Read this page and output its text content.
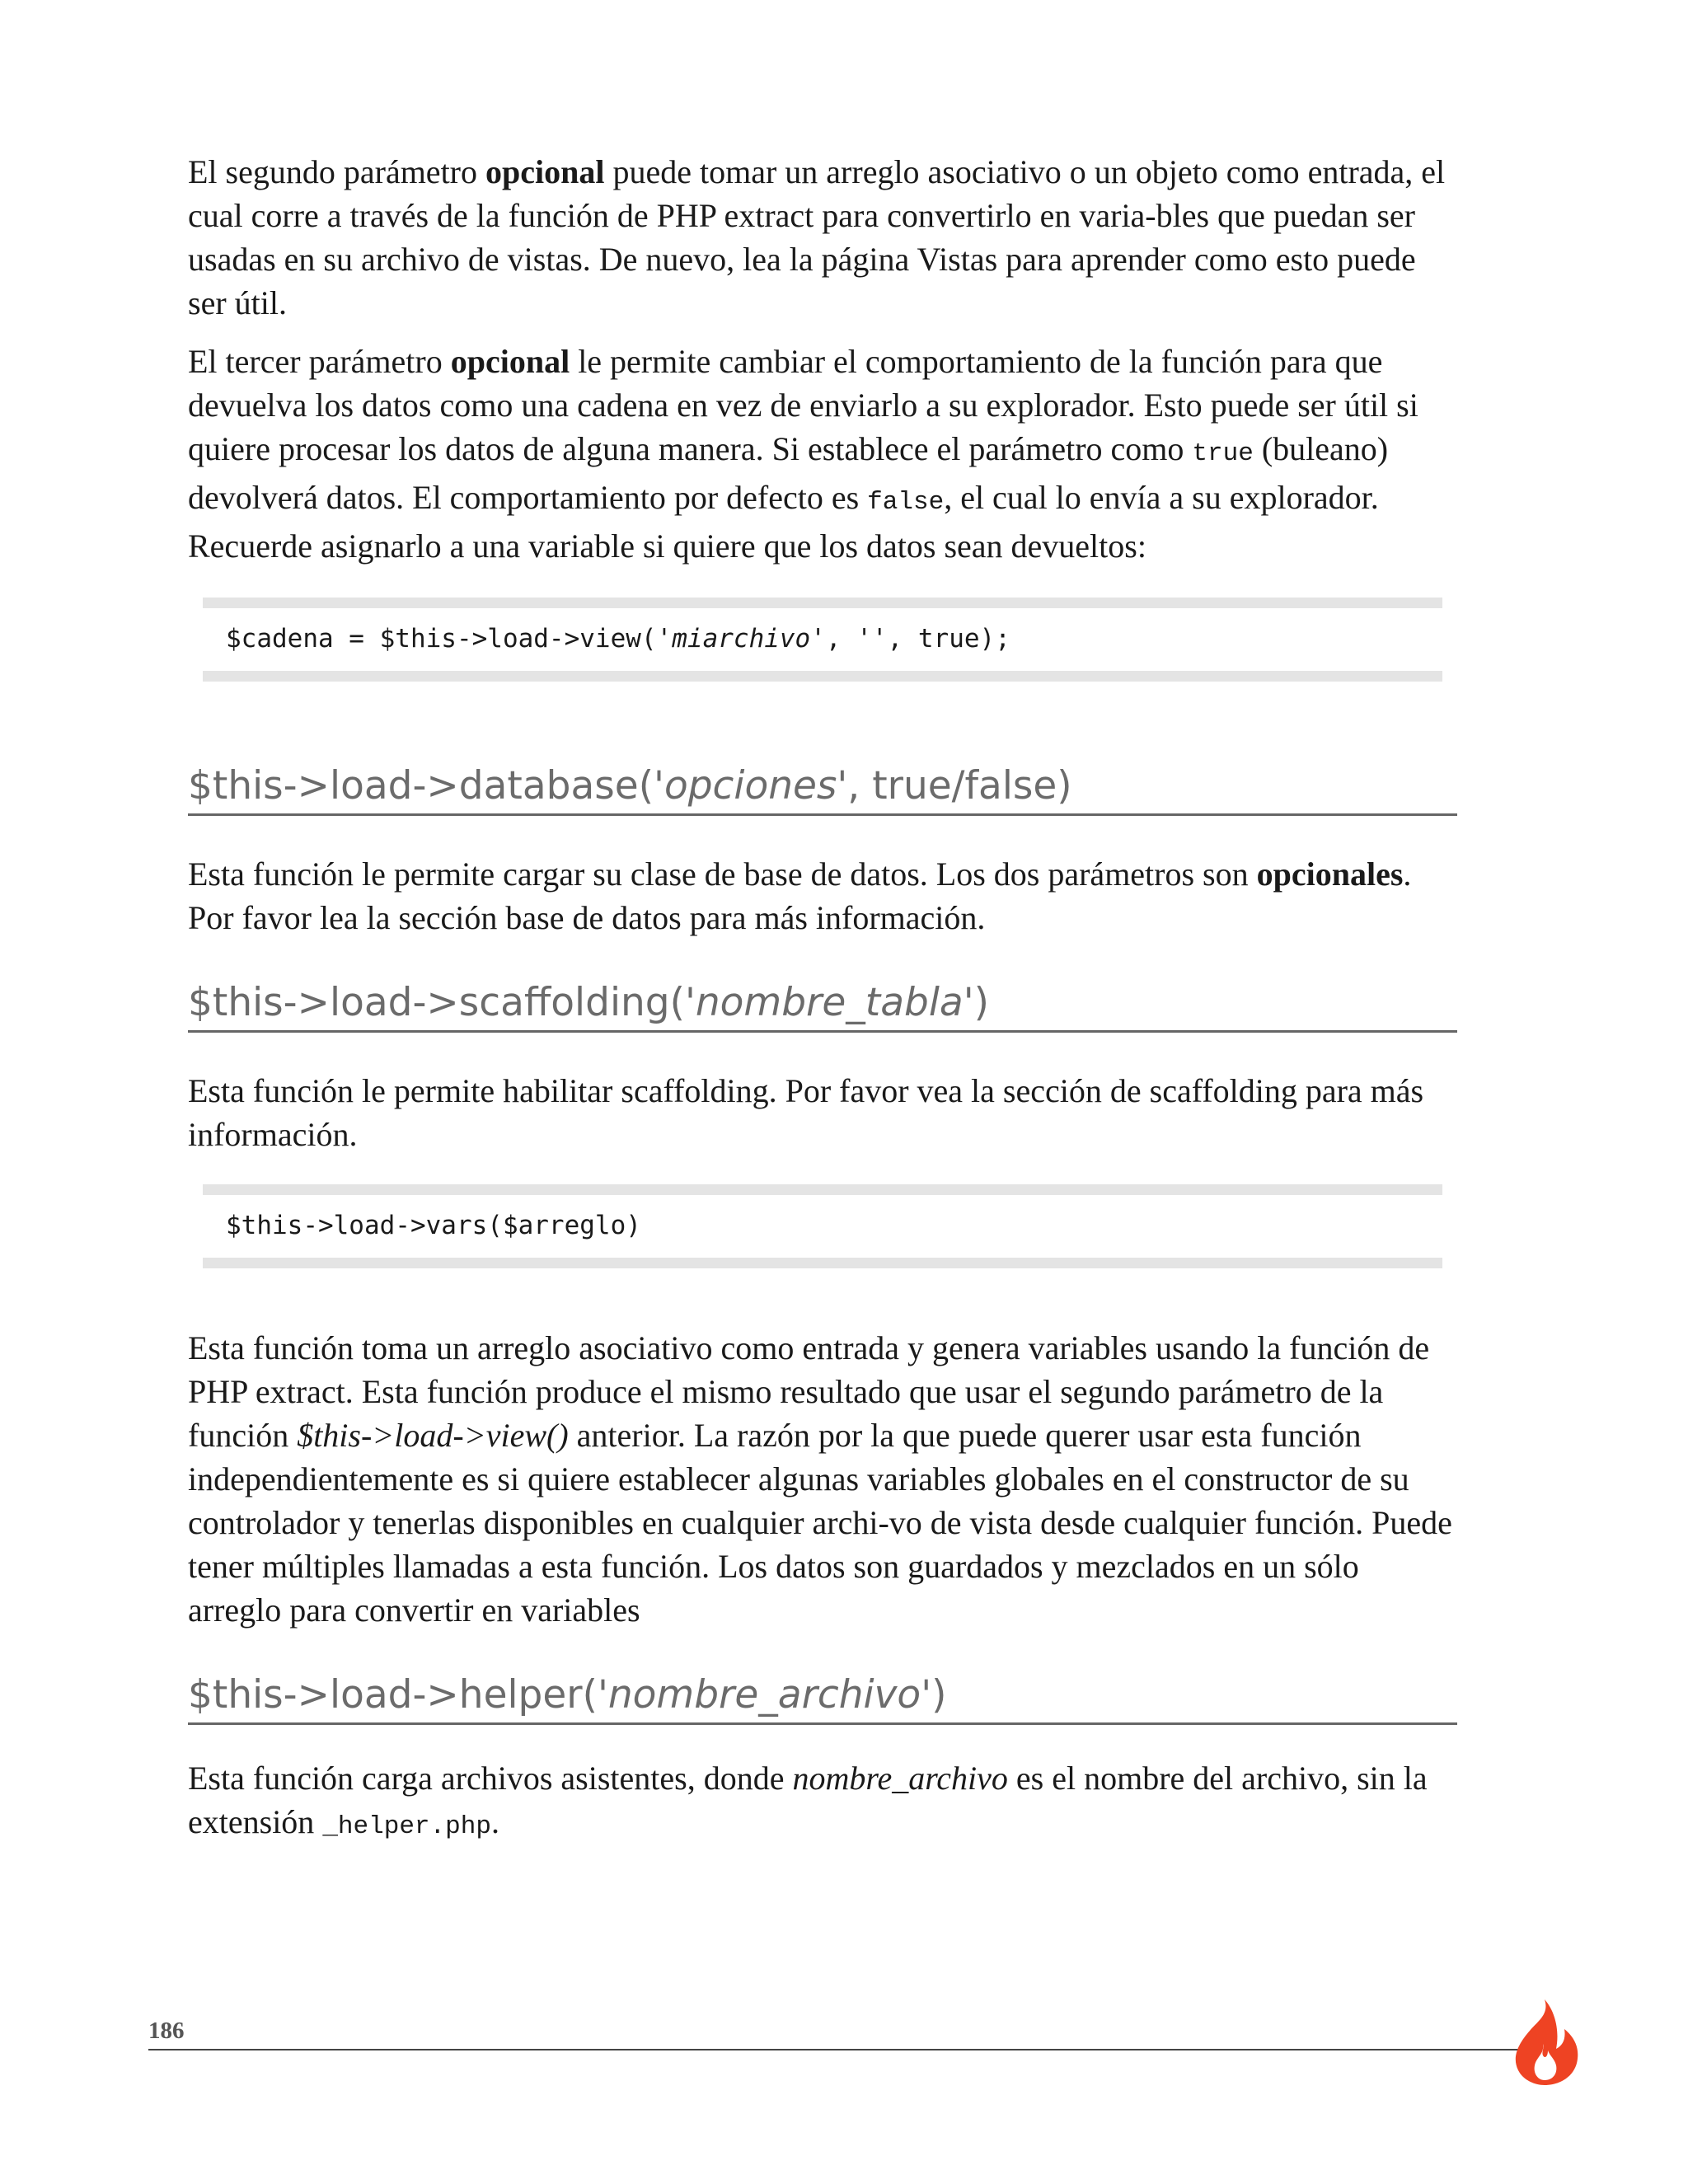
El segundo parámetro opcional puede tomar un arreglo asociativo o un objeto como entrada, el cual corre a través de la función de PHP extract para convertirlo en varia-bles que puedan ser usadas en su archivo de vistas. De nuevo, lea la página Vistas para aprender como esto puede ser útil.

El tercer parámetro opcional le permite cambiar el comportamiento de la función para que devuelva los datos como una cadena en vez de enviarlo a su explorador. Esto puede ser útil si quiere procesar los datos de alguna manera. Si establece el parámetro como true (buleano) devolverá datos. El comportamiento por defecto es false, el cual lo envía a su explorador. Recuerde asignarlo a una variable si quiere que los datos sean devueltos:

$cadena = $this->load->view('miarchivo', '', true);
$this->load->database('opciones', true/false)

Esta función le permite cargar su clase de base de datos. Los dos parámetros son opcionales. Por favor lea la sección base de datos para más información.

$this->load->scaffolding('nombre_tabla')

Esta función le permite habilitar scaffolding. Por favor vea la sección de scaffolding para más información.

$this->load->vars($arreglo)

Esta función toma un arreglo asociativo como entrada y genera variables usando la función de PHP extract. Esta función produce el mismo resultado que usar el segundo parámetro de la función $this->load->view() anterior. La razón por la que puede querer usar esta función independientemente es si quiere establecer algunas variables globales en el constructor de su controlador y tenerlas disponibles en cualquier archi-vo de vista desde cualquier función. Puede tener múltiples llamadas a esta función. Los datos son guardados y mezclados en un sólo arreglo para convertir en variables

$this->load->helper('nombre_archivo')

Esta función carga archivos asistentes, donde nombre_archivo es el nombre del archivo, sin la extensión _helper.php.

186
